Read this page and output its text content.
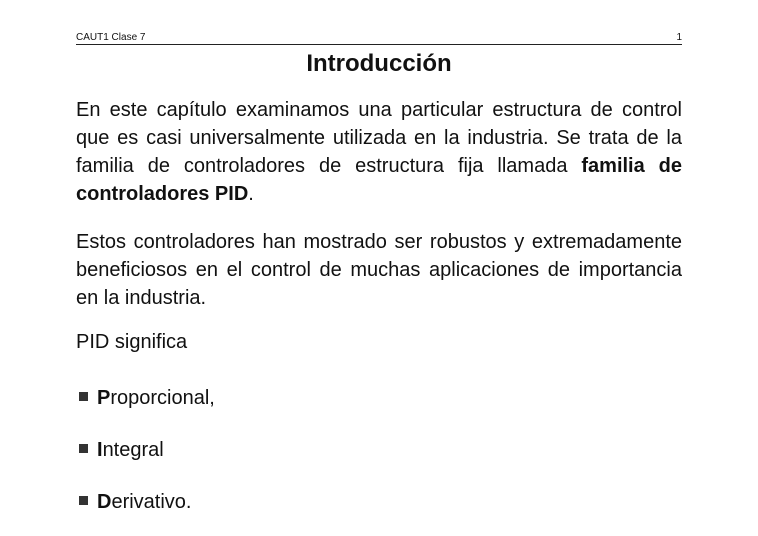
CAUT1 Clase 7	1
Introducción
En este capítulo examinamos una particular estructura de control que es casi universalmente utilizada en la industria. Se trata de la familia de controladores de estructura fija llamada familia de controladores PID.
Estos controladores han mostrado ser robustos y extremadamente beneficiosos en el control de muchas aplicaciones de importancia en la industria.
PID significa
Proporcional,
Integral
Derivativo.
